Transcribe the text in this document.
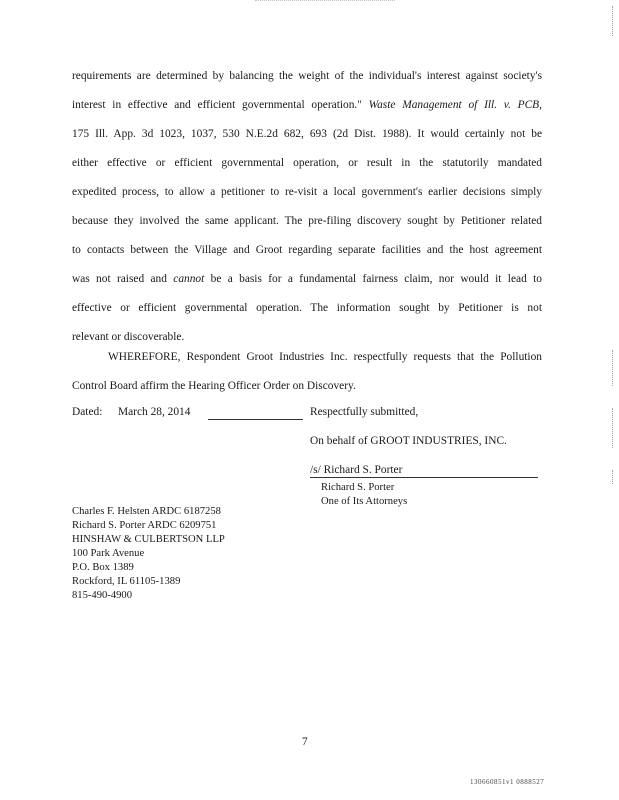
requirements are determined by balancing the weight of the individual's interest against society's
interest in effective and efficient governmental operation." Waste Management of Ill. v. PCB,
175 Ill. App. 3d 1023, 1037, 530 N.E.2d 682, 693 (2d Dist. 1988). It would certainly not be
either effective or efficient governmental operation, or result in the statutorily mandated
expedited process, to allow a petitioner to re-visit a local government's earlier decisions simply
because they involved the same applicant. The pre-filing discovery sought by Petitioner related
to contacts between the Village and Groot regarding separate facilities and the host agreement
was not raised and cannot be a basis for a fundamental fairness claim, nor would it lead to
effective or efficient governmental operation. The information sought by Petitioner is not
relevant or discoverable.

WHEREFORE, Respondent Groot Industries Inc. respectfully requests that the Pollution
Control Board affirm the Hearing Officer Order on Discovery.

Dated: March 28, 2014	Respectfully submitted,
On behalf of GROOT INDUSTRIES, INC.
/s/ Richard S. Porter
Richard S. Porter
One of Its Attorneys
Charles F. Helsten ARDC 6187258
Richard S. Porter ARDC 6209751
HINSHAW & CULBERTSON LLP
100 Park Avenue
P.O. Box 1389
Rockford, IL 61105-1389
815-490-4900
7
130660851v1 0888527
